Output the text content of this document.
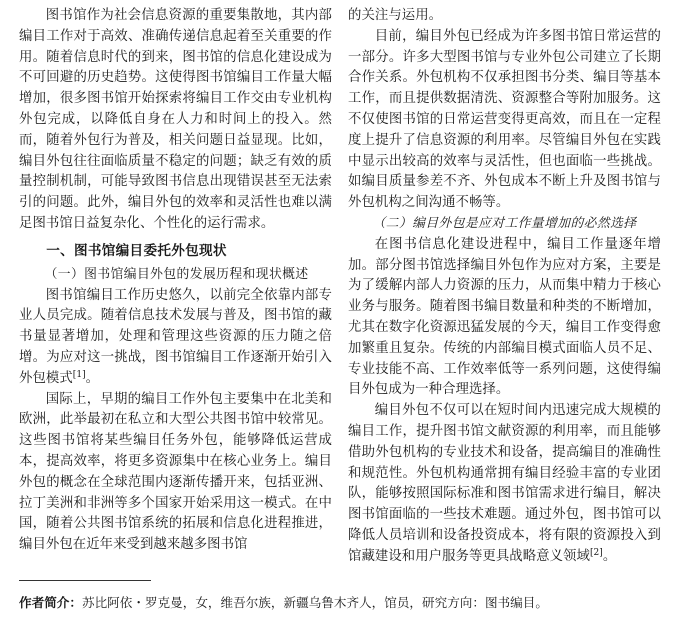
图书馆作为社会信息资源的重要集散地，其内部编目工作对于高效、准确传递信息起着至关重要的作用。随着信息时代的到来，图书馆的信息化建设成为不可回避的历史趋势。这使得图书馆编目工作量大幅增加，很多图书馆开始探索将编目工作交由专业机构外包完成，以降低自身在人力和时间上的投入。然而，随着外包行为普及，相关问题日益显现。比如，编目外包往往面临质量不稳定的问题；缺乏有效的质量控制机制，可能导致图书信息出现错误甚至无法索引的问题。此外，编目外包的效率和灵活性也难以满足图书馆日益复杂化、个性化的运行需求。

一、图书馆编目委托外包现状
（一）图书馆编目外包的发展历程和现状概述

图书馆编目工作历史悠久，以前完全依靠内部专业人员完成。随着信息技术发展与普及，图书馆的藏书量显著增加，处理和管理这些资源的压力随之倍增。为应对这一挑战，图书馆编目工作逐渐开始引入外包模式[1]。

国际上，早期的编目工作外包主要集中在北美和欧洲，此举最初在私立和大型公共图书馆中较常见。这些图书馆将某些编目任务外包，能够降低运营成本，提高效率，将更多资源集中在核心业务上。编目外包的概念在全球范围内逐渐传播开来，包括亚洲、拉丁美洲和非洲等多个国家开始采用这一模式。在中国，随着公共图书馆系统的拓展和信息化进程推进，编目外包在近年来受到越来越多图书馆

的关注与运用。

目前，编目外包已经成为许多图书馆日常运营的一部分。许多大型图书馆与专业外包公司建立了长期合作关系。外包机构不仅承担图书分类、编目等基本工作，而且提供数据清洗、资源整合等附加服务。这不仅使图书馆的日常运营变得更高效，而且在一定程度上提升了信息资源的利用率。尽管编目外包在实践中显示出较高的效率与灵活性，但也面临一些挑战。如编目质量参差不齐、外包成本不断上升及图书馆与外包机构之间沟通不畅等。

（二）编目外包是应对工作量增加的必然选择

在图书信息化建设进程中，编目工作量逐年增加。部分图书馆选择编目外包作为应对方案，主要是为了缓解内部人力资源的压力，从而集中精力于核心业务与服务。随着图书编目数量和种类的不断增加，尤其在数字化资源迅猛发展的今天，编目工作变得愈加繁重且复杂。传统的内部编目模式面临人员不足、专业技能不高、工作效率低等一系列问题，这使得编目外包成为一种合理选择。

编目外包不仅可以在短时间内迅速完成大规模的编目工作，提升图书馆文献资源的利用率，而且能够借助外包机构的专业技术和设备，提高编目的准确性和规范性。外包机构通常拥有编目经验丰富的专业团队，能够按照国际标准和图书馆需求进行编目，解决图书馆面临的一些技术难题。通过外包，图书馆可以降低人员培训和设备投资成本，将有限的资源投入到馆藏建设和用户服务等更具战略意义领域[2]。

作者简介：苏比阿依・罗克曼，女，维吾尔族，新疆乌鲁木齐人，馆员，研究方向：图书编目。
